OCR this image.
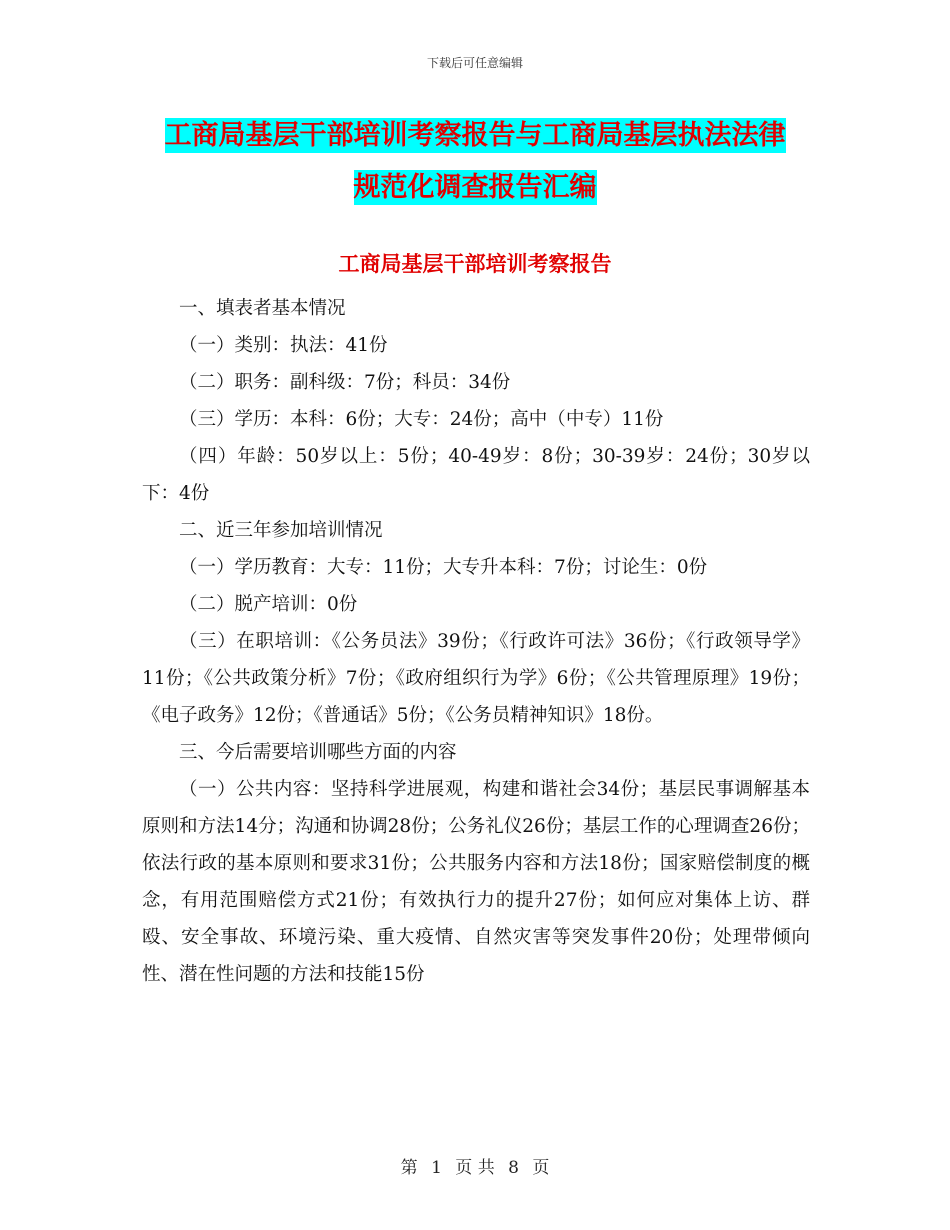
下载后可任意编辑
工商局基层干部培训考察报告与工商局基层执法法律
规范化调查报告汇编
工商局基层干部培训考察报告

一、填表者基本情况

（一）类别：执法：41份

（二）职务：副科级：7份；科员：34份

（三）学历：本科：6份；大专：24份；高中（中专）11份

（四）年龄：50岁以上：5份；40-49岁：8份；30-39岁：24份；30岁以下：4份

二、近三年参加培训情况

（一）学历教育：大专：11份；大专升本科：7份；讨论生：0份

（二）脱产培训：0份

（三）在职培训：《公务员法》39份；《行政许可法》36份；《行政领导学》11份；《公共政策分析》7份；《政府组织行为学》6份；《公共管理原理》19份；《电子政务》12份；《普通话》5份；《公务员精神知识》18份。

三、今后需要培训哪些方面的内容

（一）公共内容：坚持科学进展观，构建和谐社会34份；基层民事调解基本原则和方法14分；沟通和协调28份；公务礼仪26份；基层工作的心理调查26份；依法行政的基本原则和要求31份；公共服务内容和方法18份；国家赔偿制度的概念，有用范围赔偿方式21份；有效执行力的提升27份；如何应对集体上访、群殴、安全事故、环境污染、重大疫情、自然灾害等突发事件20份；处理带倾向性、潜在性问题的方法和技能15份

第 1 页 共 8 页
